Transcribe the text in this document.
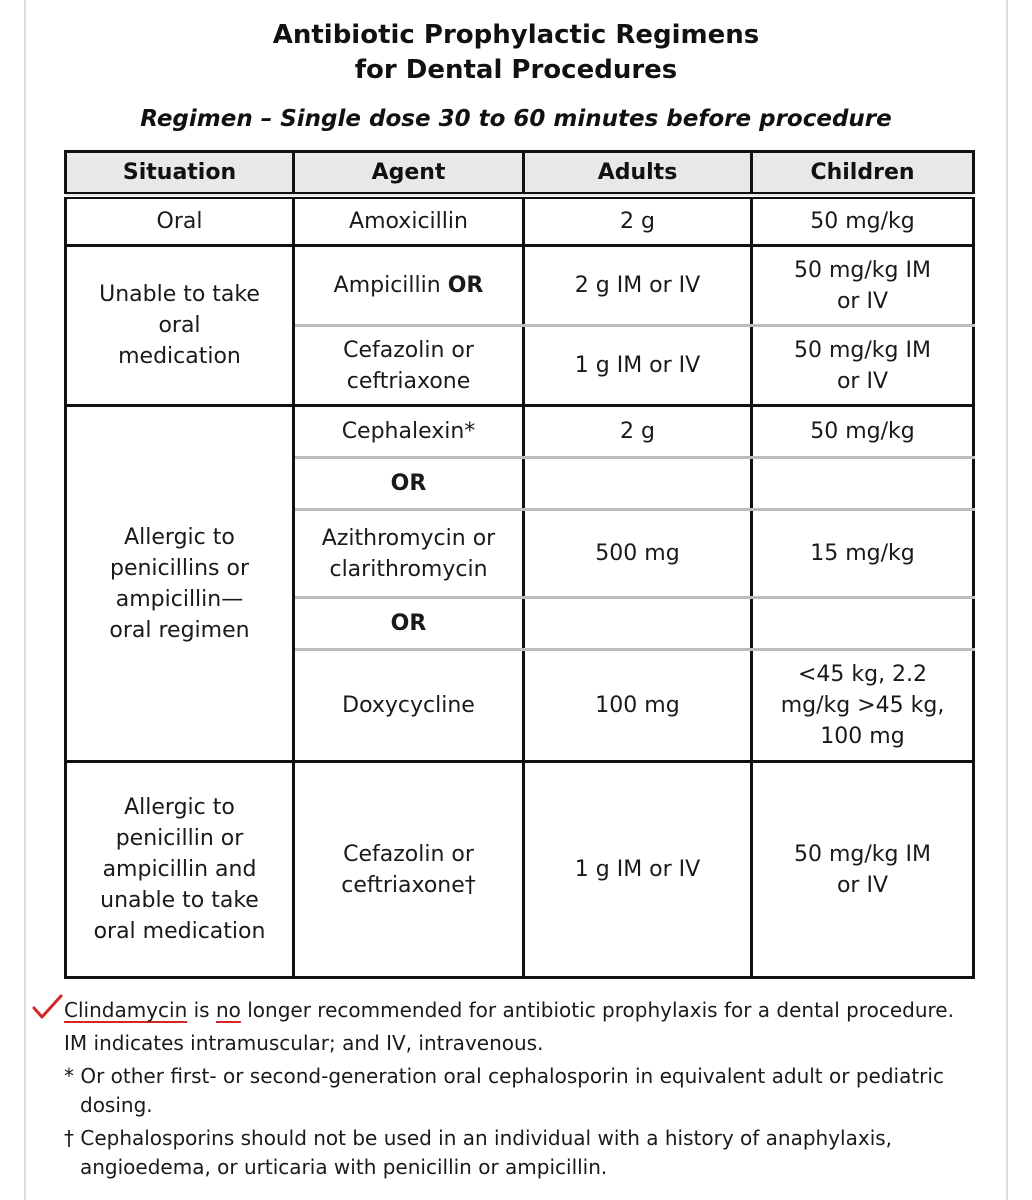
Antibiotic Prophylactic Regimens
for Dental Procedures
Regimen – Single dose 30 to 60 minutes before procedure
Situation	Agent	Adults	Children
Oral	Amoxicillin	2 g	50 mg/kg
Unable to take oral medication	Ampicillin OR	2 g IM or IV	50 mg/kg IM or IV
	Cefazolin or ceftriaxone	1 g IM or IV	50 mg/kg IM or IV
Allergic to penicillins or ampicillin— oral regimen	Cephalexin*	2 g	50 mg/kg
	OR		
	Azithromycin or clarithromycin	500 mg	15 mg/kg
	OR		
	Doxycycline	100 mg	<45 kg, 2.2 mg/kg >45 kg, 100 mg
Allergic to penicillin or ampicillin and unable to take oral medication	Cefazolin or ceftriaxone†	1 g IM or IV	50 mg/kg IM or IV
Clindamycin is no longer recommended for antibiotic prophylaxis for a dental procedure.
IM indicates intramuscular; and IV, intravenous.
* Or other first- or second-generation oral cephalosporin in equivalent adult or pediatric dosing.
† Cephalosporins should not be used in an individual with a history of anaphylaxis, angioedema, or urticaria with penicillin or ampicillin.
